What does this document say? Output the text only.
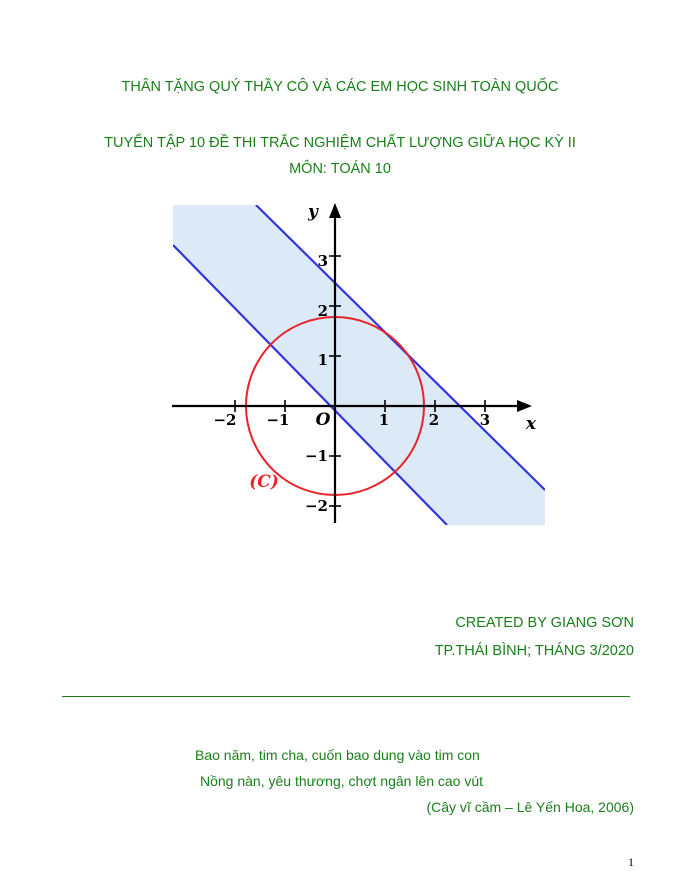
THÂN TẶNG QUÝ THẦY CÔ VÀ CÁC EM HỌC SINH TOÀN QUỐC
TUYỂN TẬP 10 ĐỀ THI TRẮC NGHIỆM CHẤT LƯỢNG GIỮA HỌC KỲ II
MÔN: TOÁN 10
−2 −1	1	2	3
3
2
1
−1
−2
O	x
y
(C)
CREATED BY GIANG SƠN
TP.THÁI BÌNH; THÁNG 3/2020
Bao năm, tim cha, cuốn bao dung vào tim con
Nồng nàn, yêu thương, chợt ngân lên cao vút
(Cây vĩ cầm – Lê Yến Hoa, 2006)
1
